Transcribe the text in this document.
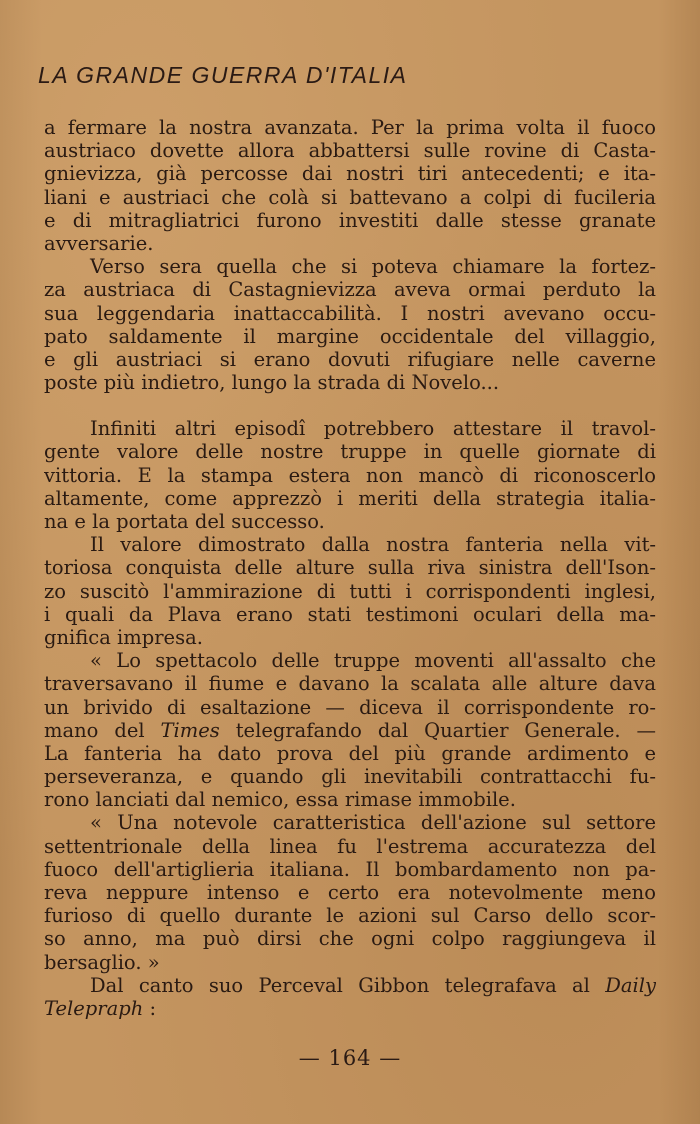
LA GRANDE GUERRA D'ITALIA
a fermare la nostra avanzata. Per la prima volta il fuoco
austriaco dovette allora abbattersi sulle rovine di Casta-
gnievizza, già percosse dai nostri tiri antecedenti; e ita-
liani e austriaci che colà si battevano a colpi di fucileria
e di mitragliatrici furono investiti dalle stesse granate
avversarie.
Verso sera quella che si poteva chiamare la fortez-
za austriaca di Castagnievizza aveva ormai perduto la
sua leggendaria inattaccabilità. I nostri avevano occu-
pato saldamente il margine occidentale del villaggio,
e gli austriaci si erano dovuti rifugiare nelle caverne
poste più indietro, lungo la strada di Novelo...
Infiniti altri episodî potrebbero attestare il travol-
gente valore delle nostre truppe in quelle giornate di
vittoria. E la stampa estera non mancò di riconoscerlo
altamente, come apprezzò i meriti della strategia italia-
na e la portata del successo.
Il valore dimostrato dalla nostra fanteria nella vit-
toriosa conquista delle alture sulla riva sinistra dell'Ison-
zo suscitò l'ammirazione di tutti i corrispondenti inglesi,
i quali da Plava erano stati testimoni oculari della ma-
gnifica impresa.
« Lo spettacolo delle truppe moventi all'assalto che
traversavano il fiume e davano la scalata alle alture dava
un brivido di esaltazione — diceva il corrispondente ro-
mano del Times telegrafando dal Quartier Generale. —
La fanteria ha dato prova del più grande ardimento e
perseveranza, e quando gli inevitabili contrattacchi fu-
rono lanciati dal nemico, essa rimase immobile.
« Una notevole caratteristica dell'azione sul settore
settentrionale della linea fu l'estrema accuratezza del
fuoco dell'artiglieria italiana. Il bombardamento non pa-
reva neppure intenso e certo era notevolmente meno
furioso di quello durante le azioni sul Carso dello scor-
so anno, ma può dirsi che ogni colpo raggiungeva il
bersaglio. »
Dal canto suo Perceval Gibbon telegrafava al Daily
Telepraph :
— 164 —
